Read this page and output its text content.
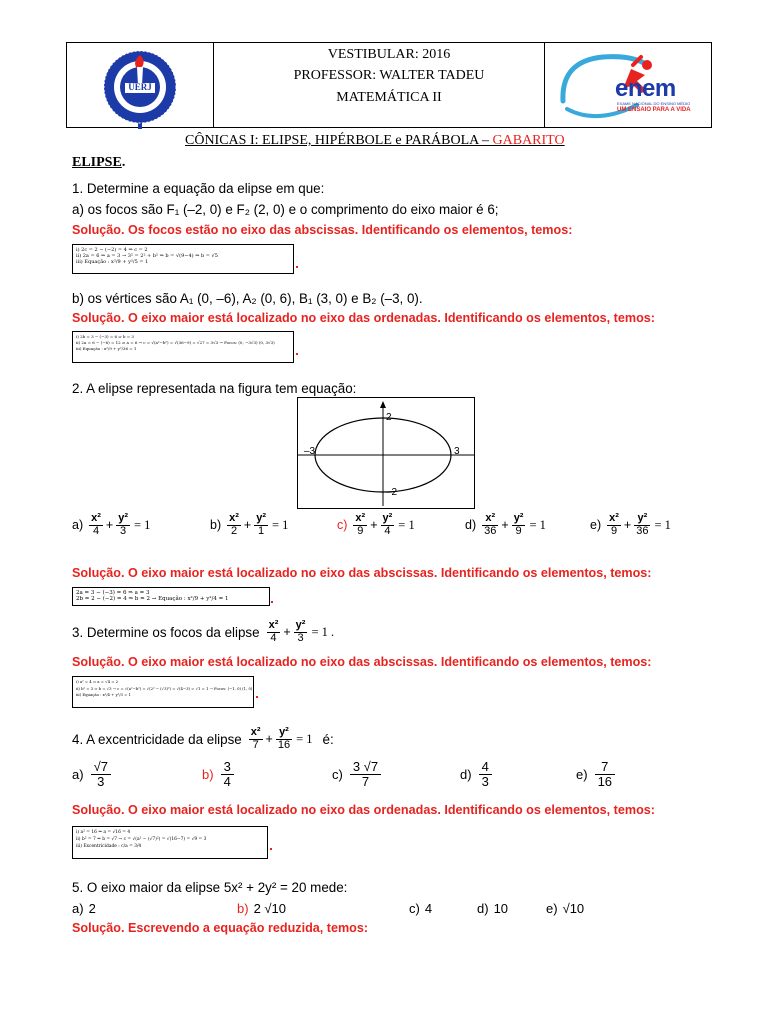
UERJ
VESTIBULAR: 2016
PROFESSOR: WALTER TADEU
MATEMÁTICA II	enem
EXAME NACIONAL DO ENSINO MÉDIO
UM ENSAIO PARA A VIDA
CÔNICAS I: ELIPSE, HIPÉRBOLE e PARÁBOLA – GABARITO
ELIPSE.
1. Determine a equação da elipse em que:
a) os focos são F₁ (–2, 0) e F₂ (2, 0) e o comprimento do eixo maior é 6;
Solução. Os focos estão no eixo das abscissas. Identificando os elementos, temos:
i) 2c = 2 − (−2) = 4 ⇒ c = 2
ii) 2a = 6 ⇒ a = 3 → 3² = 2² + b² ⇒ b = √(9−4) ⇒ b = √5
iii) Equação : x²/9 + y²/5 = 1
b) os vértices são A₁ (0, –6), A₂ (0, 6), B₁ (3, 0) e B₂ (–3, 0).
Solução. O eixo maior está localizado no eixo das ordenadas. Identificando os elementos, temos:
i) 2b = 3 − (−3) = 6 ⇒ b = 3
ii) 2a = 6 − (−6) = 12 ⇒ a = 6 → c = √(a²−b²) = √(36−9) = √27 = 3√3 → Focos: (0, −3√3) (0, 3√3)
iii) Equação : x²/9 + y²/36 = 1
2. A elipse representada na figura tem equação:
–3	3
2
–2
$a) \frac{\text{x²}}{4} + \frac{\text{y²}}{3} = 1$	$b) \frac{\text{x²}}{2} + \frac{\text{y²}}{1} = 1$	$c) \frac{\text{x²}}{9} + \frac{\text{y²}}{4} = 1$	$d) \frac{\text{x²}}{36} + \frac{\text{y²}}{9} = 1$	$e) \frac{\text{x²}}{9} + \frac{\text{y²}}{36} = 1$
Solução. O eixo maior está localizado no eixo das abscissas. Identificando os elementos, temos:
2a = 3 − (−3) = 6 ⇒ a = 3
2b = 2 − (−2) = 4 ⇒ b = 2 → Equação : x²/9 + y²/4 = 1
3. Determine os focos da elipse x²
$4 + \frac{\text{y²}}{3} = 1$ .
Solução. O eixo maior está localizado no eixo das abscissas. Identificando os elementos, temos:
i) a² = 4 ⇒ a = √4 = 2
ii) b² = 3 ⇒ b = √3 → c = √(a²−b²) = √(2² − (√3)²) = √(4−3) = √1 = 1 → Focos: (−1, 0) (1, 0)
iii) Equação : x²/4 + y²/3 = 1
4. A excentricidade da elipse x²
$7 + \frac{\text{y²}}{16} = 1$ é:
$a) \frac{√7}{3}$	$b) \frac{3}{4}$	$c) \frac{3 √7}{7}$	$d) \frac{4}{3}$	$e) \frac{7}{16}$
Solução. O eixo maior está localizado no eixo das ordenadas. Identificando os elementos, temos:
i) a² = 16 ⇒ a = √16 = 4
ii) b² = 7 ⇒ b = √7 → c = √(a² − (√7)²) = √(16−7) = √9 = 3
iii) Excentricidade : c/a = 3/4
5. O eixo maior da elipse 5x² + 2y² = 20 mede:
a) 2	b) 2 √10	c) 4	d) 10	e) √10
Solução. Escrevendo a equação reduzida, temos:
